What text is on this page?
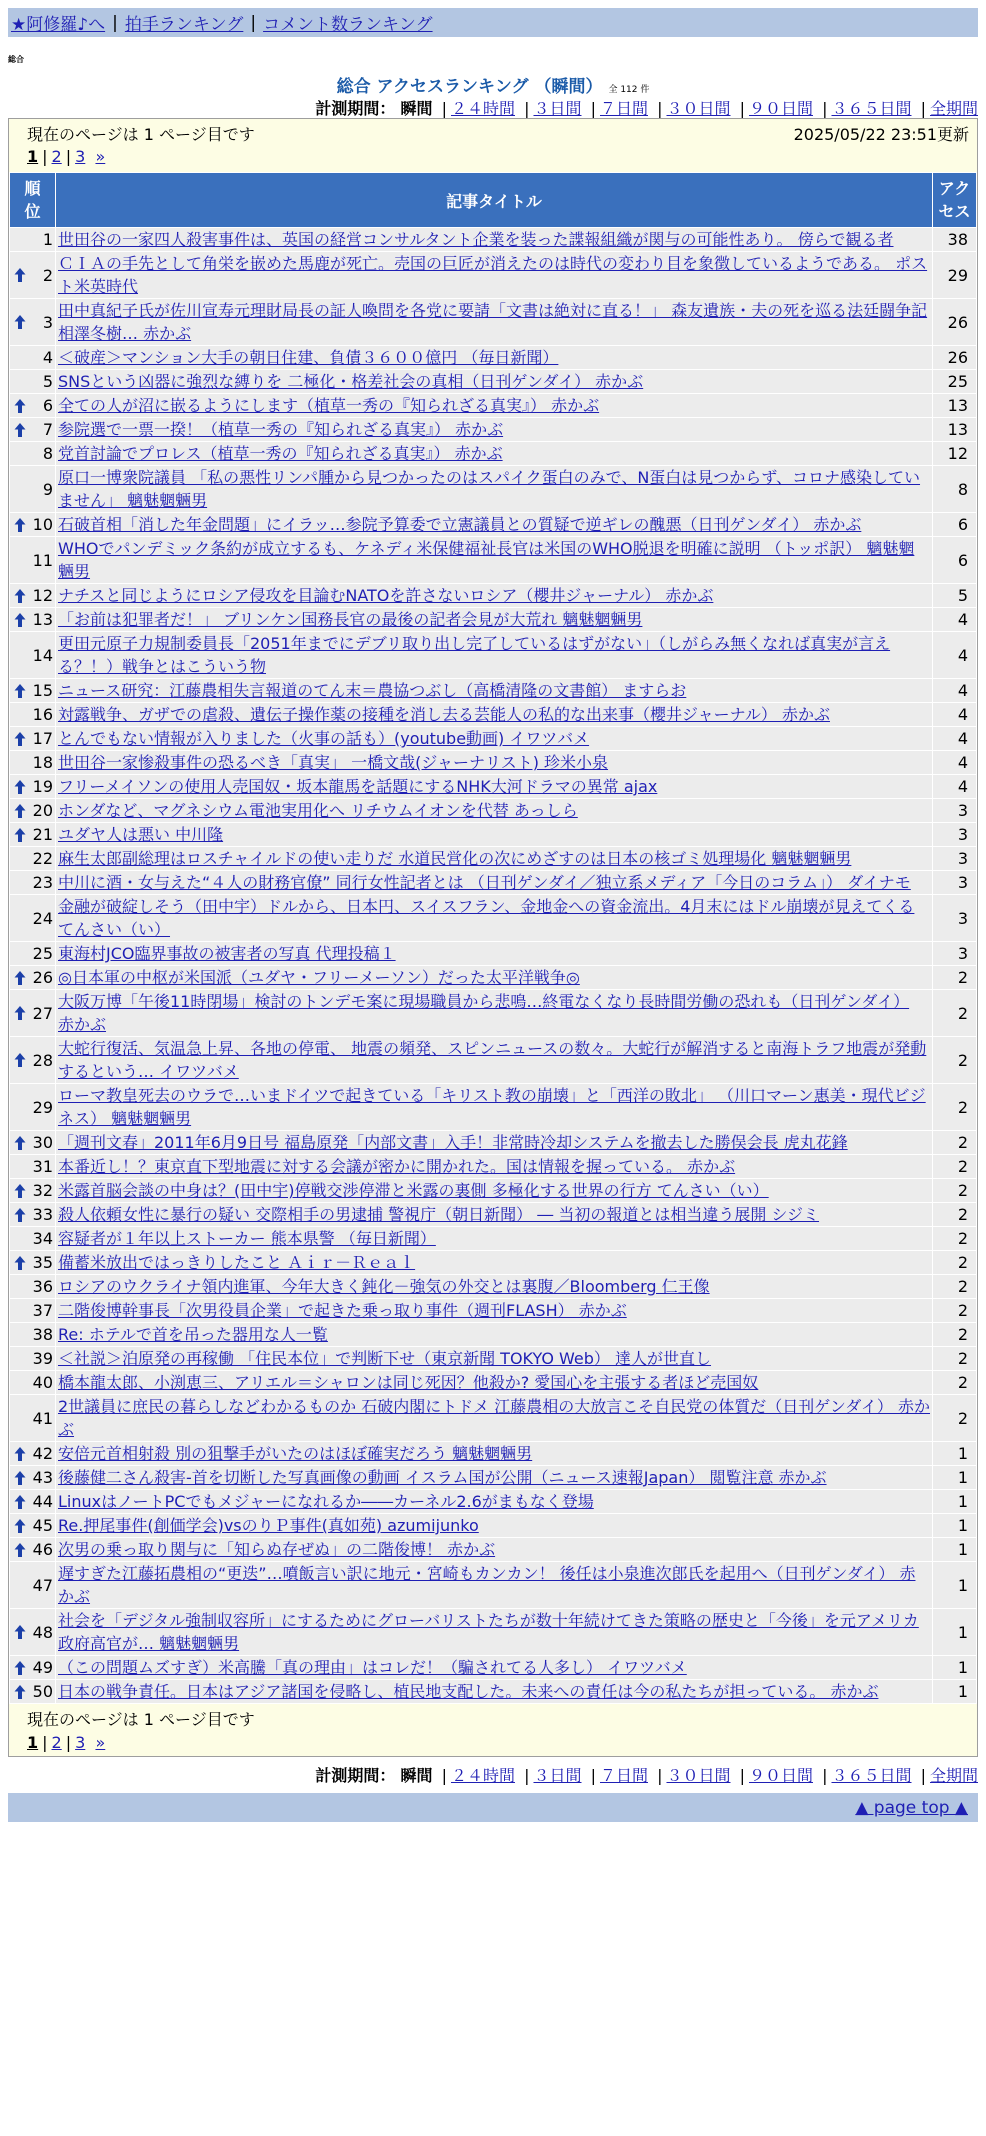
★阿修羅♪へ | 拍手ランキング | コメント数ランキング
総合
総合 アクセスランキング （瞬間） 全 112 件
計測期間： 瞬間 | ２４時間 | ３日間 | ７日間 | ３０日間 | ９０日間 | ３６５日間 | 全期間
現在のページは 1 ページ目です	2025/05/22 23:51更新
1 | 2 | 3 »
順位	記事タイトル	アクセス
1	世田谷の一家四人殺害事件は、英国の経営コンサルタント企業を装った諜報組織が関与の可能性あり。 傍らで観る者	38

2	ＣＩＡの手先として角栄を嵌めた馬鹿が死亡。売国の巨匠が消えたのは時代の変わり目を象徴しているようである。 ポスト米英時代	29

3	田中真紀子氏が佐川宣寿元理財局長の証人喚問を各党に要請「文書は絶対に直る！」 森友遺族・夫の死を巡る法廷闘争記相澤冬樹… 赤かぶ	26
4	＜破産＞マンション大手の朝日住建、負債３６００億円 （毎日新聞）	26
5	SNSという凶器に強烈な縛りを 二極化・格差社会の真相（日刊ゲンダイ） 赤かぶ	25

6	全ての人が沼に嵌るようにします（植草一秀の『知られざる真実』） 赤かぶ	13

7	参院選で一票一揆！（植草一秀の『知られざる真実』） 赤かぶ	13
8	党首討論でプロレス（植草一秀の『知られざる真実』） 赤かぶ	12
9	原口一博衆院議員 「私の悪性リンパ腫から見つかったのはスパイク蛋白のみで、N蛋白は見つからず、コロナ感染していません」 魑魅魍魎男	8

10	石破首相「消した年金問題」にイラッ…参院予算委で立憲議員との質疑で逆ギレの醜悪（日刊ゲンダイ） 赤かぶ	6
11	WHOでパンデミック条約が成立するも、ケネディ米保健福祉長官は米国のWHO脱退を明確に説明 （トッポ訳） 魑魅魍魎男	6

12	ナチスと同じようにロシア侵攻を目論むNATOを許さないロシア（櫻井ジャーナル） 赤かぶ	5

13	「お前は犯罪者だ！」 ブリンケン国務長官の最後の記者会見が大荒れ 魑魅魍魎男	4
14	更田元原子力規制委員長「2051年までにデブリ取り出し完了しているはずがない」（しがらみ無くなれば真実が言える？！）戦争とはこういう物	4

15	ニュース研究：江藤農相失言報道のてん末＝農協つぶし（高橋清隆の文書館） ますらお	4
16	対露戦争、ガザでの虐殺、遺伝子操作薬の接種を消し去る芸能人の私的な出来事（櫻井ジャーナル） 赤かぶ	4

17	とんでもない情報が入りました（火事の話も）(youtube動画) イワツバメ	4
18	世田谷一家惨殺事件の恐るべき「真実」 一橋文哉(ジャーナリスト) 珍米小泉	4

19	フリーメイソンの使用人売国奴・坂本龍馬を話題にするNHK大河ドラマの異常 ajax	4

20	ホンダなど、マグネシウム電池実用化へ リチウムイオンを代替 あっしら	3

21	ユダヤ人は悪い 中川隆	3
22	麻生太郎副総理はロスチャイルドの使い走りだ 水道民営化の次にめざすのは日本の核ゴミ処理場化 魑魅魍魎男	3
23	中川に酒・女与えた“４人の財務官僚” 同行女性記者とは （日刊ゲンダイ／独立系メディア「今日のコラム」） ダイナモ	3
24	金融が破綻しそう（田中宇）ドルから、日本円、スイスフラン、金地金への資金流出。4月末にはドル崩壊が見えてくる てんさい（い）	3
25	東海村JCO臨界事故の被害者の写真 代理投稿１	3

26	◎日本軍の中枢が米国派（ユダヤ・フリーメーソン）だった太平洋戦争◎	2

27	大阪万博「午後11時閉場」検討のトンデモ案に現場職員から悲鳴…終電なくなり長時間労働の恐れも（日刊ゲンダイ） 赤かぶ	2

28	大蛇行復活、気温急上昇、各地の停電、 地震の頻発、スピンニュースの数々。大蛇行が解消すると南海トラフ地震が発動するという… イワツバメ	2
29	ローマ教皇死去のウラで…いまドイツで起きている「キリスト教の崩壊」と「西洋の敗北」 （川口マーン惠美・現代ビジネス） 魑魅魍魎男	2

30	「週刊文春」2011年6月9日号 福島原発「内部文書」入手！非常時冷却システムを撤去した勝俣会長 虎丸花鋒	2
31	本番近し！？東京直下型地震に対する会議が密かに開かれた。国は情報を握っている。 赤かぶ	2

32	米露首脳会談の中身は？(田中宇)停戦交渉停滞と米露の裏側 多極化する世界の行方 てんさい（い）	2

33	殺人依頼女性に暴行の疑い 交際相手の男逮捕 警視庁（朝日新聞） ― 当初の報道とは相当違う展開 シジミ	2
34	容疑者が１年以上ストーカー 熊本県警 （毎日新聞）	2

35	備蓄米放出ではっきりしたこと Ａｉｒ－Ｒｅａｌ	2
36	ロシアのウクライナ領内進軍、今年大きく鈍化－強気の外交とは裏腹／Bloomberg 仁王像	2
37	二階俊博幹事長「次男役員企業」で起きた乗っ取り事件（週刊FLASH） 赤かぶ	2
38	Re: ホテルで首を吊った器用な人一覧	2
39	＜社説＞泊原発の再稼働 「住民本位」で判断下せ（東京新聞 TOKYO Web） 達人が世直し	2
40	橋本龍太郎、小渕恵三、アリエル＝シャロンは同じ死因？他殺か? 愛国心を主張する者ほど売国奴	2
41	2世議員に庶民の暮らしなどわかるものか 石破内閣にトドメ 江藤農相の大放言こそ自民党の体質だ（日刊ゲンダイ） 赤かぶ	2

42	安倍元首相射殺 別の狙撃手がいたのはほぼ確実だろう 魑魅魍魎男	1

43	後藤健二さん殺害-首を切断した写真画像の動画 イスラム国が公開（ニュース速報Japan） 閲覧注意 赤かぶ	1

44	LinuxはノートPCでもメジャーになれるか――カーネル2.6がまもなく登場	1

45	Re.押尾事件(創価学会)vsのりＰ事件(真如苑) azumijunko	1

46	次男の乗っ取り関与に「知らぬ存ぜぬ」の二階俊博！ 赤かぶ	1
47	遅すぎた江藤拓農相の“更迭”…噴飯言い訳に地元・宮崎もカンカン！ 後任は小泉進次郎氏を起用へ（日刊ゲンダイ） 赤かぶ	1

48	社会を「デジタル強制収容所」にするためにグローバリストたちが数十年続けてきた策略の歴史と「今後」を元アメリカ政府高官が… 魑魅魍魎男	1

49	（この問題ムズすぎ）米高騰「真の理由」はコレだ！（騙されてる人多し） イワツバメ	1

50	日本の戦争責任。日本はアジア諸国を侵略し、植民地支配した。未来への責任は今の私たちが担っている。 赤かぶ	1
現在のページは 1 ページ目です
1 | 2 | 3 »
計測期間： 瞬間 | ２４時間 | ３日間 | ７日間 | ３０日間 | ９０日間 | ３６５日間 | 全期間
▲ page top ▲
